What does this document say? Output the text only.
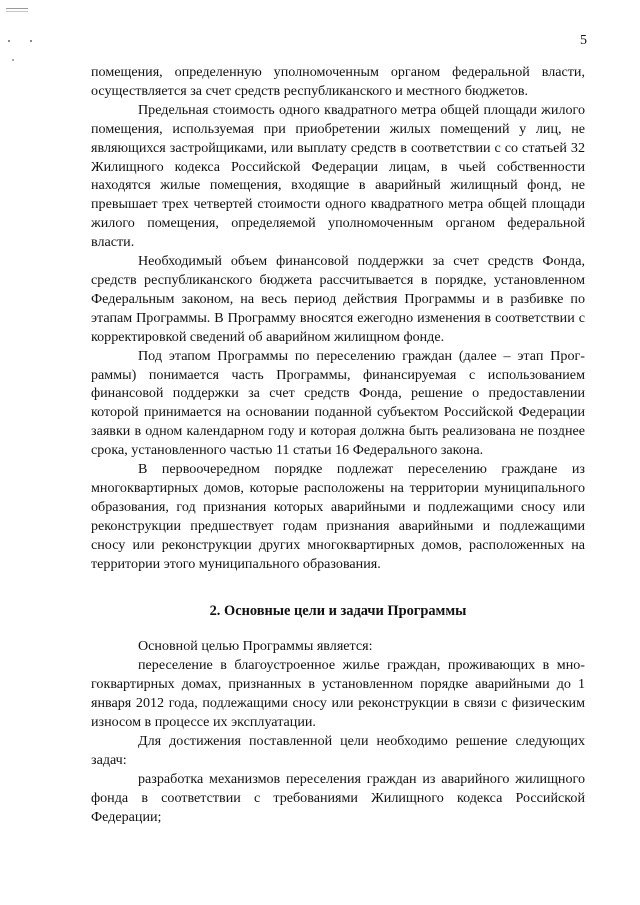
5

помещения, определенную уполномоченным органом федеральной власти, осуществляется за счет средств республиканского и местного бюджетов.

Предельная стоимость одного квадратного метра общей площади жилого помещения, используемая при приобретении жилых помещений у лиц, не являющихся застройщиками, или выплату средств в соответствии с со статьей 32 Жилищного кодекса Российской Федерации лицам, в чьей собственности находятся жилые помещения, входящие в аварийный жилищный фонд, не превышает трех четвертей стоимости одного квадратного метра общей площади жилого помещения, определяемой уполномоченным органом федеральной власти.

Необходимый объем финансовой поддержки за счет средств Фонда, средств республиканского бюджета рассчитывается в порядке, установленном Федеральным законом, на весь период действия Программы и в разбивке по этапам Программы. В Программу вносятся ежегодно изменения в соответствии с корректировкой сведений об аварийном жилищном фонде.

Под этапом Программы по переселению граждан (далее – этап Программы) понимается часть Программы, финансируемая с использованием финансовой поддержки за счет средств Фонда, решение о предоставлении которой принимается на основании поданной субъектом Российской Федерации заявки в одном календарном году и которая должна быть реализована не позднее срока, установленного частью 11 статьи 16 Федерального закона.

В первоочередном порядке подлежат переселению граждане из многоквартирных домов, которые расположены на территории муниципального образования, год признания которых аварийными и подлежащими сносу или реконструкции предшествует годам признания аварийными и подлежащими сносу или реконструкции других многоквартирных домов, расположенных на территории этого муниципального образования.

2. Основные цели и задачи Программы

Основной целью Программы является:

переселение в благоустроенное жилье граждан, проживающих в многоквартирных домах, признанных в установленном порядке аварийными до 1 января 2012 года, подлежащими сносу или реконструкции в связи с физическим износом в процессе их эксплуатации.

Для достижения поставленной цели необходимо решение следующих задач:

разработка механизмов переселения граждан из аварийного жилищного фонда в соответствии с требованиями Жилищного кодекса Российской Федерации;
